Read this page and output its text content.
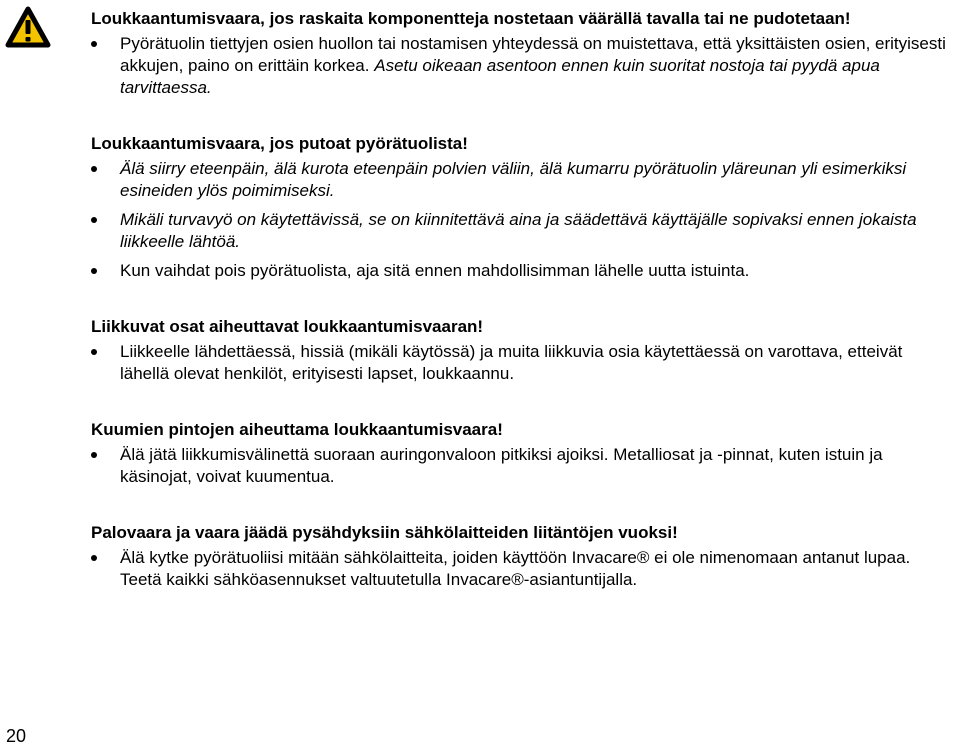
Loukkaantumisvaara, jos raskaita komponentteja nostetaan väärällä tavalla tai ne pudotetaan!

Pyörätuolin tiettyjen osien huollon tai nostamisen yhteydessä on muistettava, että yksittäisten osien, erityisesti akkujen, paino on erittäin korkea. Asetu oikeaan asentoon ennen kuin suoritat nostoja tai pyydä apua tarvittaessa.

Loukkaantumisvaara, jos putoat pyörätuolista!

Älä siirry eteenpäin, älä kurota eteenpäin polvien väliin, älä kumarru pyörätuolin yläreunan yli esimerkiksi esineiden ylös poimimiseksi.
Mikäli turvavyö on käytettävissä, se on kiinnitettävä aina ja säädettävä käyttäjälle sopivaksi ennen jokaista liikkeelle lähtöä.
Kun vaihdat pois pyörätuolista, aja sitä ennen mahdollisimman lähelle uutta istuinta.

Liikkuvat osat aiheuttavat loukkaantumisvaaran!

Liikkeelle lähdettäessä, hissiä (mikäli käytössä) ja muita liikkuvia osia käytettäessä on varottava, etteivät lähellä olevat henkilöt, erityisesti lapset, loukkaannu.

Kuumien pintojen aiheuttama loukkaantumisvaara!

Älä jätä liikkumisvälinettä suoraan auringonvaloon pitkiksi ajoiksi. Metalliosat ja -pinnat, kuten istuin ja käsinojat, voivat kuumentua.

Palovaara ja vaara jäädä pysähdyksiin sähkölaitteiden liitäntöjen vuoksi!

Älä kytke pyörätuoliisi mitään sähkölaitteita, joiden käyttöön Invacare® ei ole nimenomaan antanut lupaa. Teetä kaikki sähköasennukset valtuutetulla Invacare®-asiantuntijalla.
20
